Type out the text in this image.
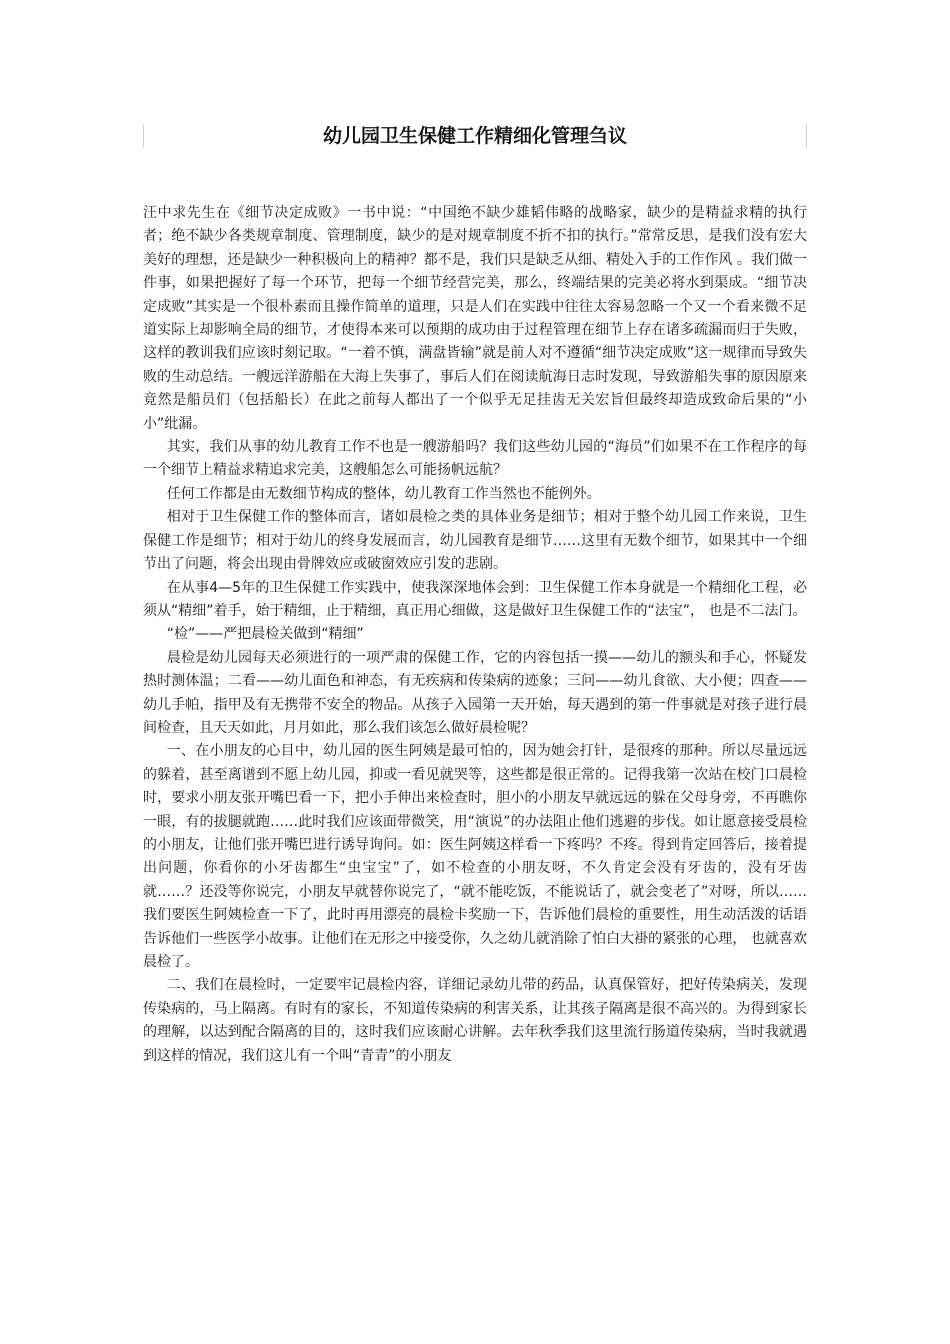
幼儿园卫生保健工作精细化管理刍议

汪中求先生在《细节决定成败》一书中说：“中国绝不缺少雄韬伟略的战略家，缺少的是精益求精的执行者；绝不缺少各类规章制度、管理制度，缺少的是对规章制度不折不扣的执行。”常常反思，是我们没有宏大美好的理想，还是缺少一种积极向上的精神？都不是，我们只是缺乏从细、精处入手的工作作风 。我们做一件事，如果把握好了每一个环节，把每一个细节经营完美，那么，终端结果的完美必将水到渠成。“细节决定成败”其实是一个很朴素而且操作简单的道理，只是人们在实践中往往太容易忽略一个又一个看来微不足道实际上却影响全局的细节，才使得本来可以预期的成功由于过程管理在细节上存在诸多疏漏而归于失败，这样的教训我们应该时刻记取。“一着不慎，满盘皆输”就是前人对不遵循“细节决定成败”这一规律而导致失败的生动总结。一艘远洋游船在大海上失事了，事后人们在阅读航海日志时发现，导致游船失事的原因原来竟然是船员们（包括船长）在此之前每人都出了一个似乎无足挂齿无关宏旨但最终却造成致命后果的“小小”纰漏。

其实，我们从事的幼儿教育工作不也是一艘游船吗？我们这些幼儿园的“海员”们如果不在工作程序的每一个细节上精益求精追求完美，这艘船怎么可能扬帆远航？

任何工作都是由无数细节构成的整体，幼儿教育工作当然也不能例外。

相对于卫生保健工作的整体而言，诸如晨检之类的具体业务是细节；相对于整个幼儿园工作来说，卫生保健工作是细节；相对于幼儿的终身发展而言，幼儿园教育是细节……这里有无数个细节，如果其中一个细节出了问题，将会出现由骨牌效应或破窗效应引发的悲剧。

在从事4—5年的卫生保健工作实践中，使我深深地体会到：卫生保健工作本身就是一个精细化工程，必须从“精细”着手，始于精细，止于精细，真正用心细做，这是做好卫生保健工作的“法宝”， 也是不二法门。

“检”——严把晨检关做到“精细”

晨检是幼儿园每天必须进行的一项严肃的保健工作，它的内容包括一摸——幼儿的额头和手心，怀疑发热时测体温；二看——幼儿面色和神态，有无疾病和传染病的迹象；三问——幼儿食欲、大小便；四查——幼儿手帕，指甲及有无携带不安全的物品。从孩子入园第一天开始，每天遇到的第一件事就是对孩子进行晨间检查，且天天如此，月月如此，那么我们该怎么做好晨检呢？

一、在小朋友的心目中，幼儿园的医生阿姨是最可怕的，因为她会打针，是很疼的那种。所以尽量远远的躲着，甚至离谱到不愿上幼儿园，抑或一看见就哭等，这些都是很正常的。记得我第一次站在校门口晨检时，要求小朋友张开嘴巴看一下，把小手伸出来检查时，胆小的小朋友早就远远的躲在父母身旁，不再瞧你一眼，有的拔腿就跑……此时我们应该面带微笑，用“演说”的办法阻止他们逃避的步伐。如让愿意接受晨检的小朋友，让他们张开嘴巴进行诱导询问。如：医生阿姨这样看一下疼吗？不疼。得到肯定回答后，接着提出问题，你看你的小牙齿都生“虫宝宝”了，如不检查的小朋友呀，不久肯定会没有牙齿的，没有牙齿就……？还没等你说完，小朋友早就替你说完了，“就不能吃饭，不能说话了，就会变老了”对呀，所以……我们要医生阿姨检查一下了，此时再用漂亮的晨检卡奖励一下，告诉他们晨检的重要性，用生动活泼的话语告诉他们一些医学小故事。让他们在无形之中接受你，久之幼儿就消除了怕白大褂的紧张的心理， 也就喜欢晨检了。

二、我们在晨检时，一定要牢记晨检内容，详细记录幼儿带的药品，认真保管好，把好传染病关，发现传染病的，马上隔离。有时有的家长，不知道传染病的利害关系，让其孩子隔离是很不高兴的。为得到家长的理解，以达到配合隔离的目的，这时我们应该耐心讲解。去年秋季我们这里流行肠道传染病，当时我就遇到这样的情况，我们这儿有一个叫“青青”的小朋友
